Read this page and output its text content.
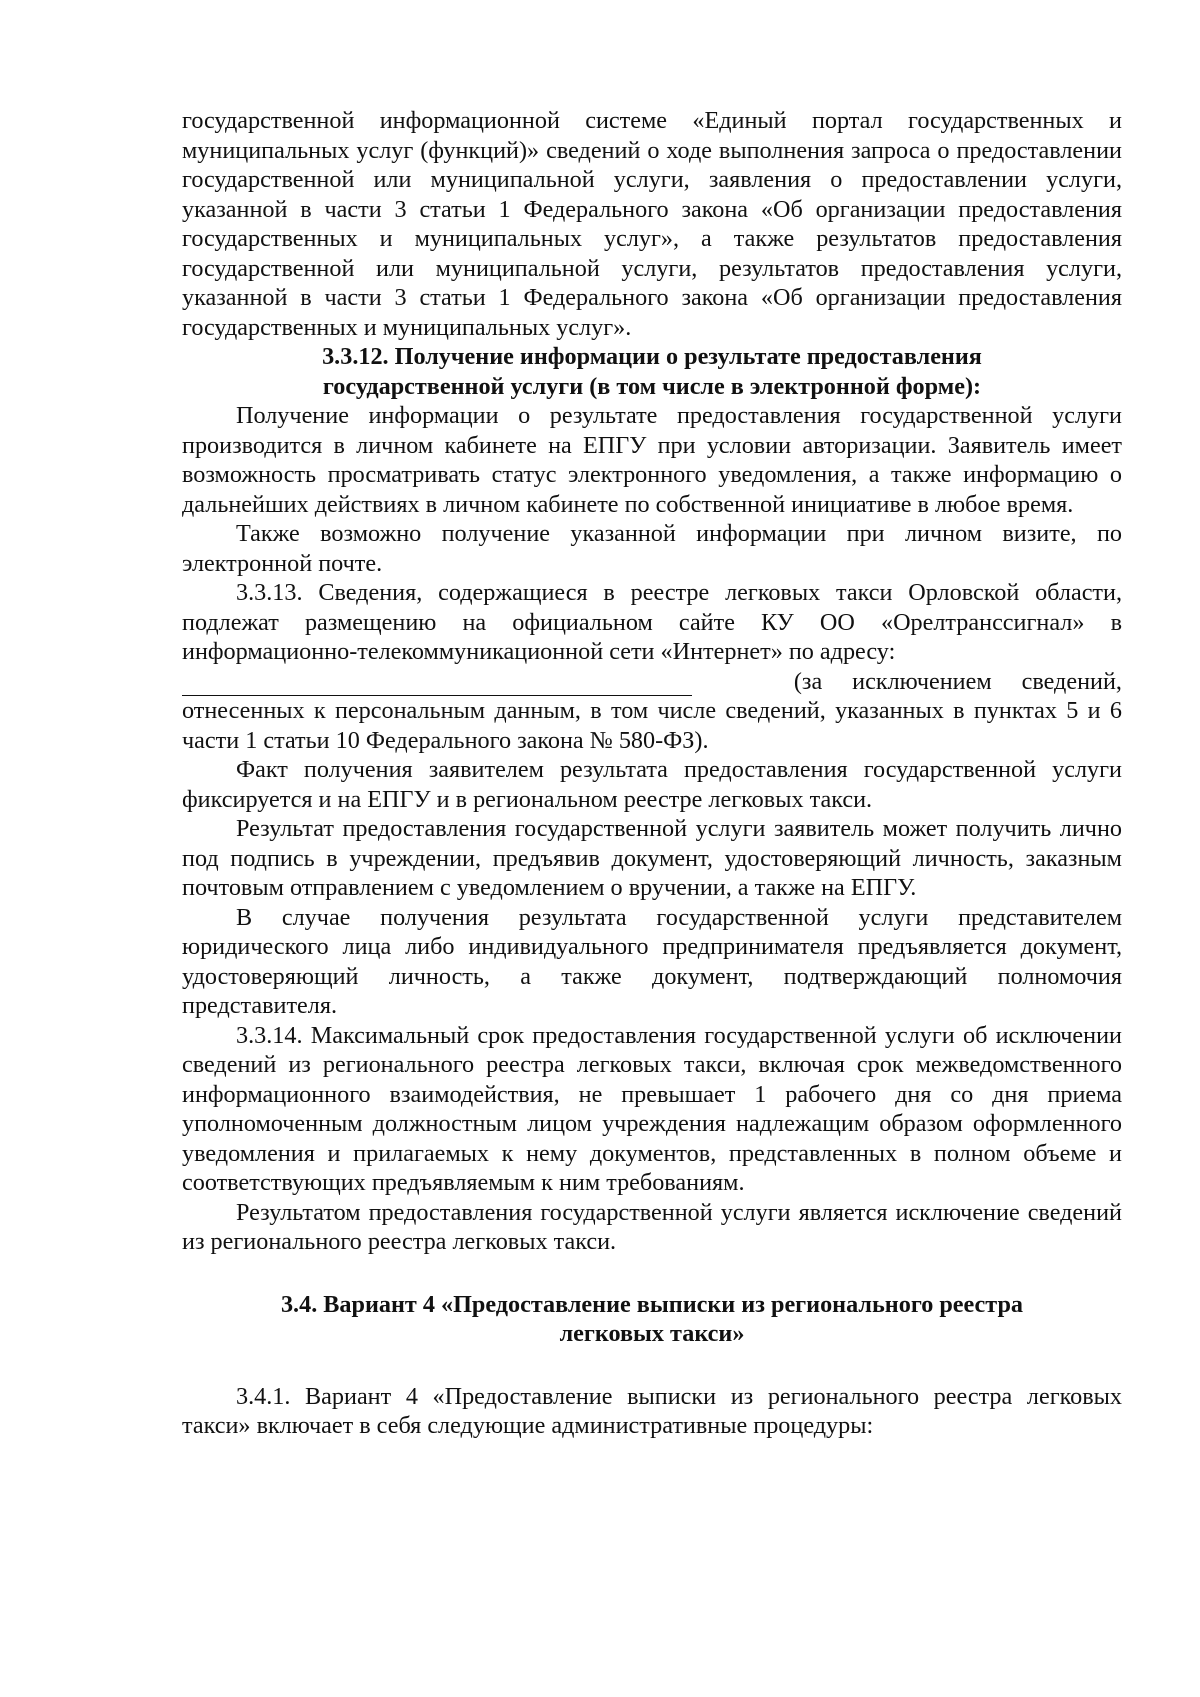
государственной информационной системе «Единый портал государственных и муниципальных услуг (функций)» сведений о ходе выполнения запроса о предоставлении государственной или муниципальной услуги, заявления о предоставлении услуги, указанной в части 3 статьи 1 Федерального закона «Об организации предоставления государственных и муниципальных услуг», а также результатов предоставления государственной или муниципальной услуги, результатов предоставления услуги, указанной в части 3 статьи 1 Федерального закона «Об организации предоставления государственных и муниципальных услуг».

3.3.12. Получение информации о результате предоставления
государственной услуги (в том числе в электронной форме):

Получение информации о результате предоставления государственной услуги производится в личном кабинете на ЕПГУ при условии авторизации. Заявитель имеет возможность просматривать статус электронного уведомления, а также информацию о дальнейших действиях в личном кабинете по собственной инициативе в любое время.

Также возможно получение указанной информации при личном визите, по электронной почте.

3.3.13. Сведения, содержащиеся в реестре легковых такси Орловской области, подлежат размещению на официальном сайте КУ ОО «Орелтранссигнал» в информационно-телекоммуникационной сети «Интернет» по адресу:

(за исключением сведений,

отнесенных к персональным данным, в том числе сведений, указанных в пунктах 5 и 6 части 1 статьи 10 Федерального закона № 580-ФЗ).

Факт получения заявителем результата предоставления государственной услуги фиксируется и на ЕПГУ и в региональном реестре легковых такси.

Результат предоставления государственной услуги заявитель может получить лично под подпись в учреждении, предъявив документ, удостоверяющий личность, заказным почтовым отправлением с уведомлением о вручении, а также на ЕПГУ.

В случае получения результата государственной услуги представителем юридического лица либо индивидуального предпринимателя предъявляется документ, удостоверяющий личность, а также документ, подтверждающий полномочия представителя.

3.3.14. Максимальный срок предоставления государственной услуги об исключении сведений из регионального реестра легковых такси, включая срок межведомственного информационного взаимодействия, не превышает 1 рабочего дня со дня приема уполномоченным должностным лицом учреждения надлежащим образом оформленного уведомления и прилагаемых к нему документов, представленных в полном объеме и соответствующих предъявляемым к ним требованиям.

Результатом предоставления государственной услуги является исключение сведений из регионального реестра легковых такси.

3.4. Вариант 4 «Предоставление выписки из регионального реестра
легковых такси»

3.4.1. Вариант 4 «Предоставление выписки из регионального реестра легковых такси» включает в себя следующие административные процедуры:
